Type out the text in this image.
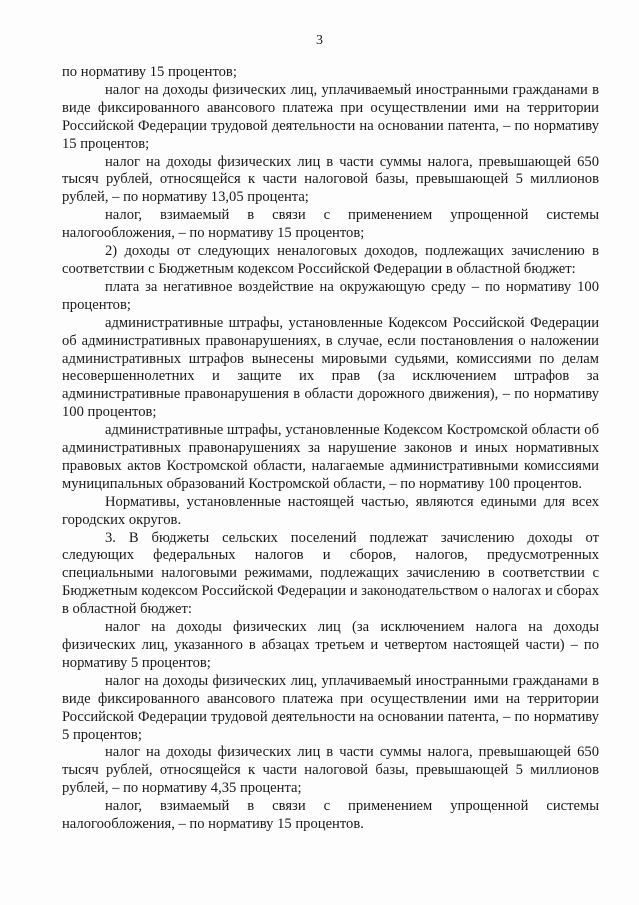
3

по нормативу 15 процентов;

налог на доходы физических лиц, уплачиваемый иностранными гражданами в виде фиксированного авансового платежа при осуществлении ими на территории Российской Федерации трудовой деятельности на основании патента, – по нормативу 15 процентов;

налог на доходы физических лиц в части суммы налога, превышающей 650 тысяч рублей, относящейся к части налоговой базы, превышающей 5 миллионов рублей, – по нормативу 13,05 процента;

налог, взимаемый в связи с применением упрощенной системы налогообложения, – по нормативу 15 процентов;

2) доходы от следующих неналоговых доходов, подлежащих зачислению в соответствии с Бюджетным кодексом Российской Федерации в областной бюджет:

плата за негативное воздействие на окружающую среду – по нормативу 100 процентов;

административные штрафы, установленные Кодексом Российской Федерации об административных правонарушениях, в случае, если постановления о наложении административных штрафов вынесены мировыми судьями, комиссиями по делам несовершеннолетних и защите их прав (за исключением штрафов за административные правонарушения в области дорожного движения), – по нормативу 100 процентов;

административные штрафы, установленные Кодексом Костромской области об административных правонарушениях за нарушение законов и иных нормативных правовых актов Костромской области, налагаемые административными комиссиями муниципальных образований Костромской области, – по нормативу 100 процентов.

Нормативы, установленные настоящей частью, являются едиными для всех городских округов.

3. В бюджеты сельских поселений подлежат зачислению доходы от следующих федеральных налогов и сборов, налогов, предусмотренных специальными налоговыми режимами, подлежащих зачислению в соответствии с Бюджетным кодексом Российской Федерации и законодательством о налогах и сборах в областной бюджет:

налог на доходы физических лиц (за исключением налога на доходы физических лиц, указанного в абзацах третьем и четвертом настоящей части) – по нормативу 5 процентов;

налог на доходы физических лиц, уплачиваемый иностранными гражданами в виде фиксированного авансового платежа при осуществлении ими на территории Российской Федерации трудовой деятельности на основании патента, – по нормативу 5 процентов;

налог на доходы физических лиц в части суммы налога, превышающей 650 тысяч рублей, относящейся к части налоговой базы, превышающей 5 миллионов рублей, – по нормативу 4,35 процента;

налог, взимаемый в связи с применением упрощенной системы налогообложения, – по нормативу 15 процентов.
